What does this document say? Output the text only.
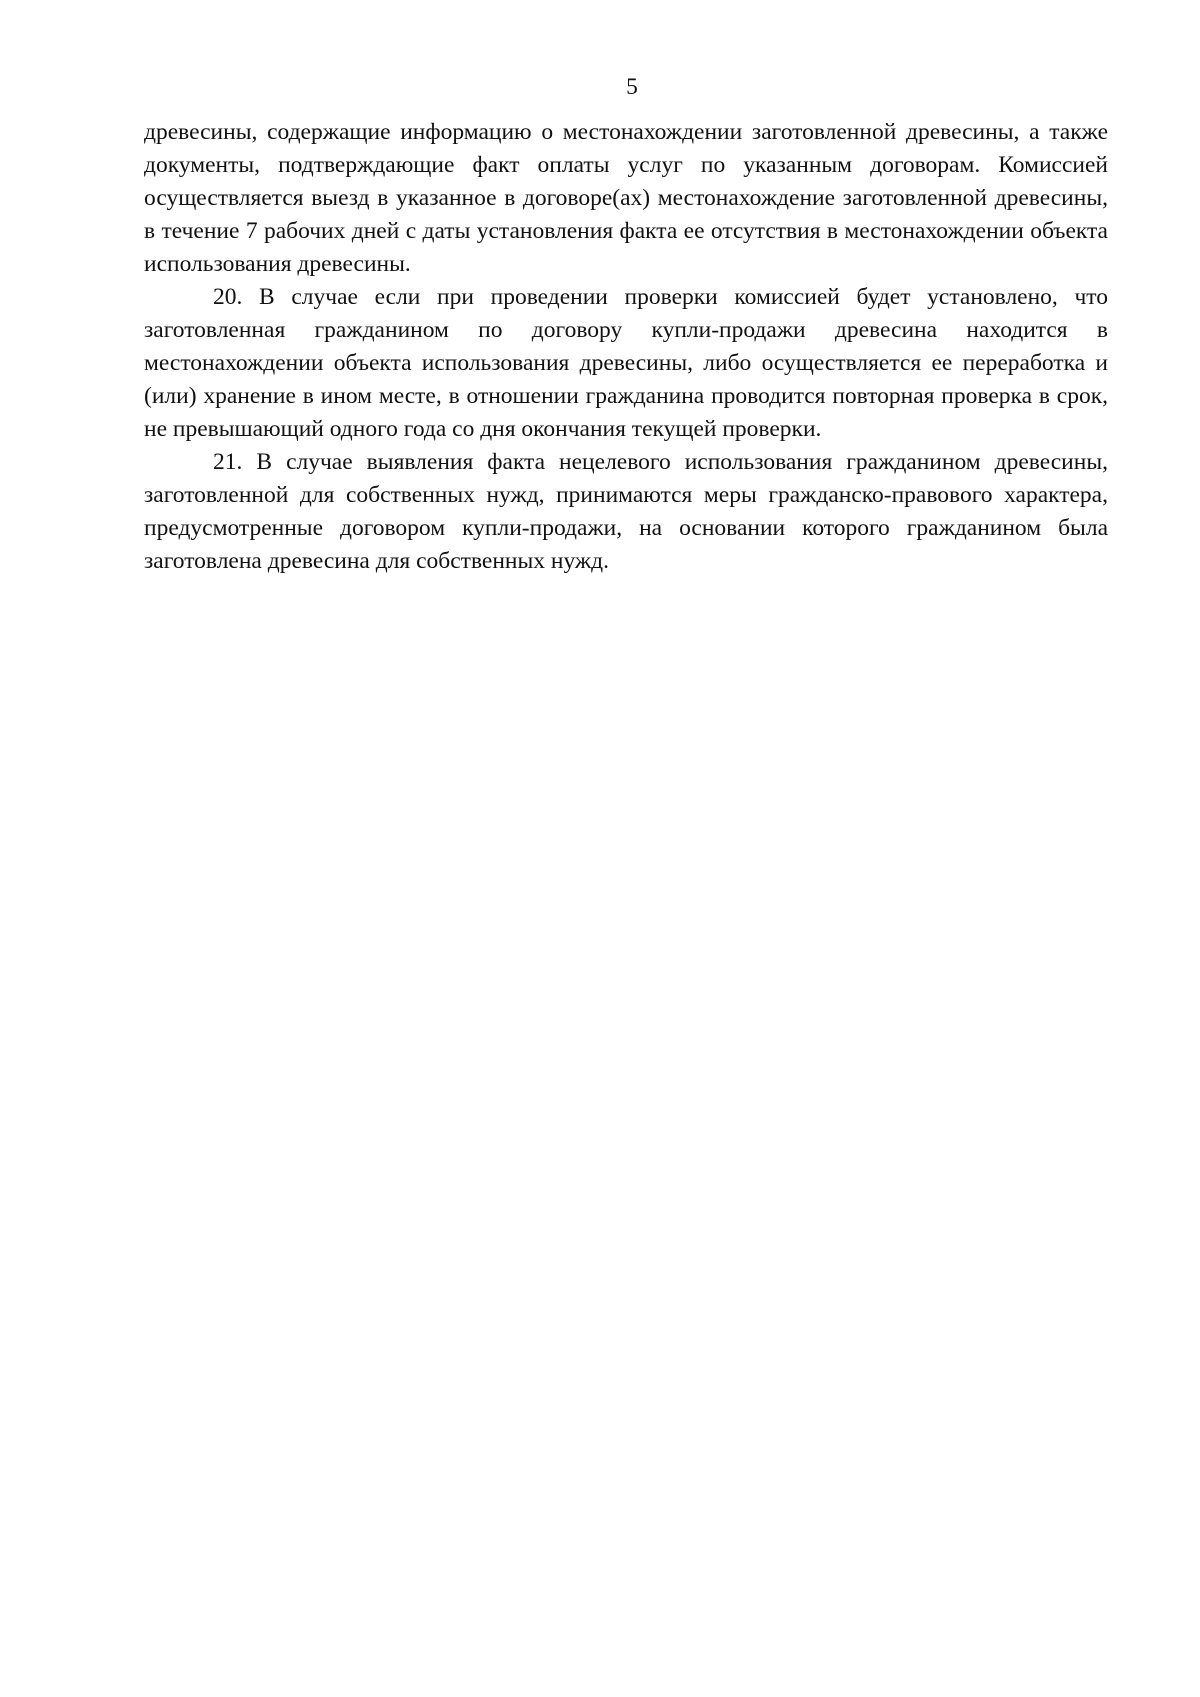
5

древесины, содержащие информацию о местонахождении заготовленной древесины, а также документы, подтверждающие факт оплаты услуг по указанным договорам. Комиссией осуществляется выезд в указанное в договоре(ах) местонахождение заготовленной древесины, в течение 7 рабочих дней с даты установления факта ее отсутствия в местонахождении объекта использования древесины.

20. В случае если при проведении проверки комиссией будет установлено, что заготовленная гражданином по договору купли-продажи древесина находится в местонахождении объекта использования древесины, либо осуществляется ее переработка и (или) хранение в ином месте, в отношении гражданина проводится повторная проверка в срок, не превышающий одного года со дня окончания текущей проверки.

21. В случае выявления факта нецелевого использования гражданином древесины, заготовленной для собственных нужд, принимаются меры гражданско-правового характера, предусмотренные договором купли-продажи, на основании которого гражданином была заготовлена древесина для собственных нужд.
